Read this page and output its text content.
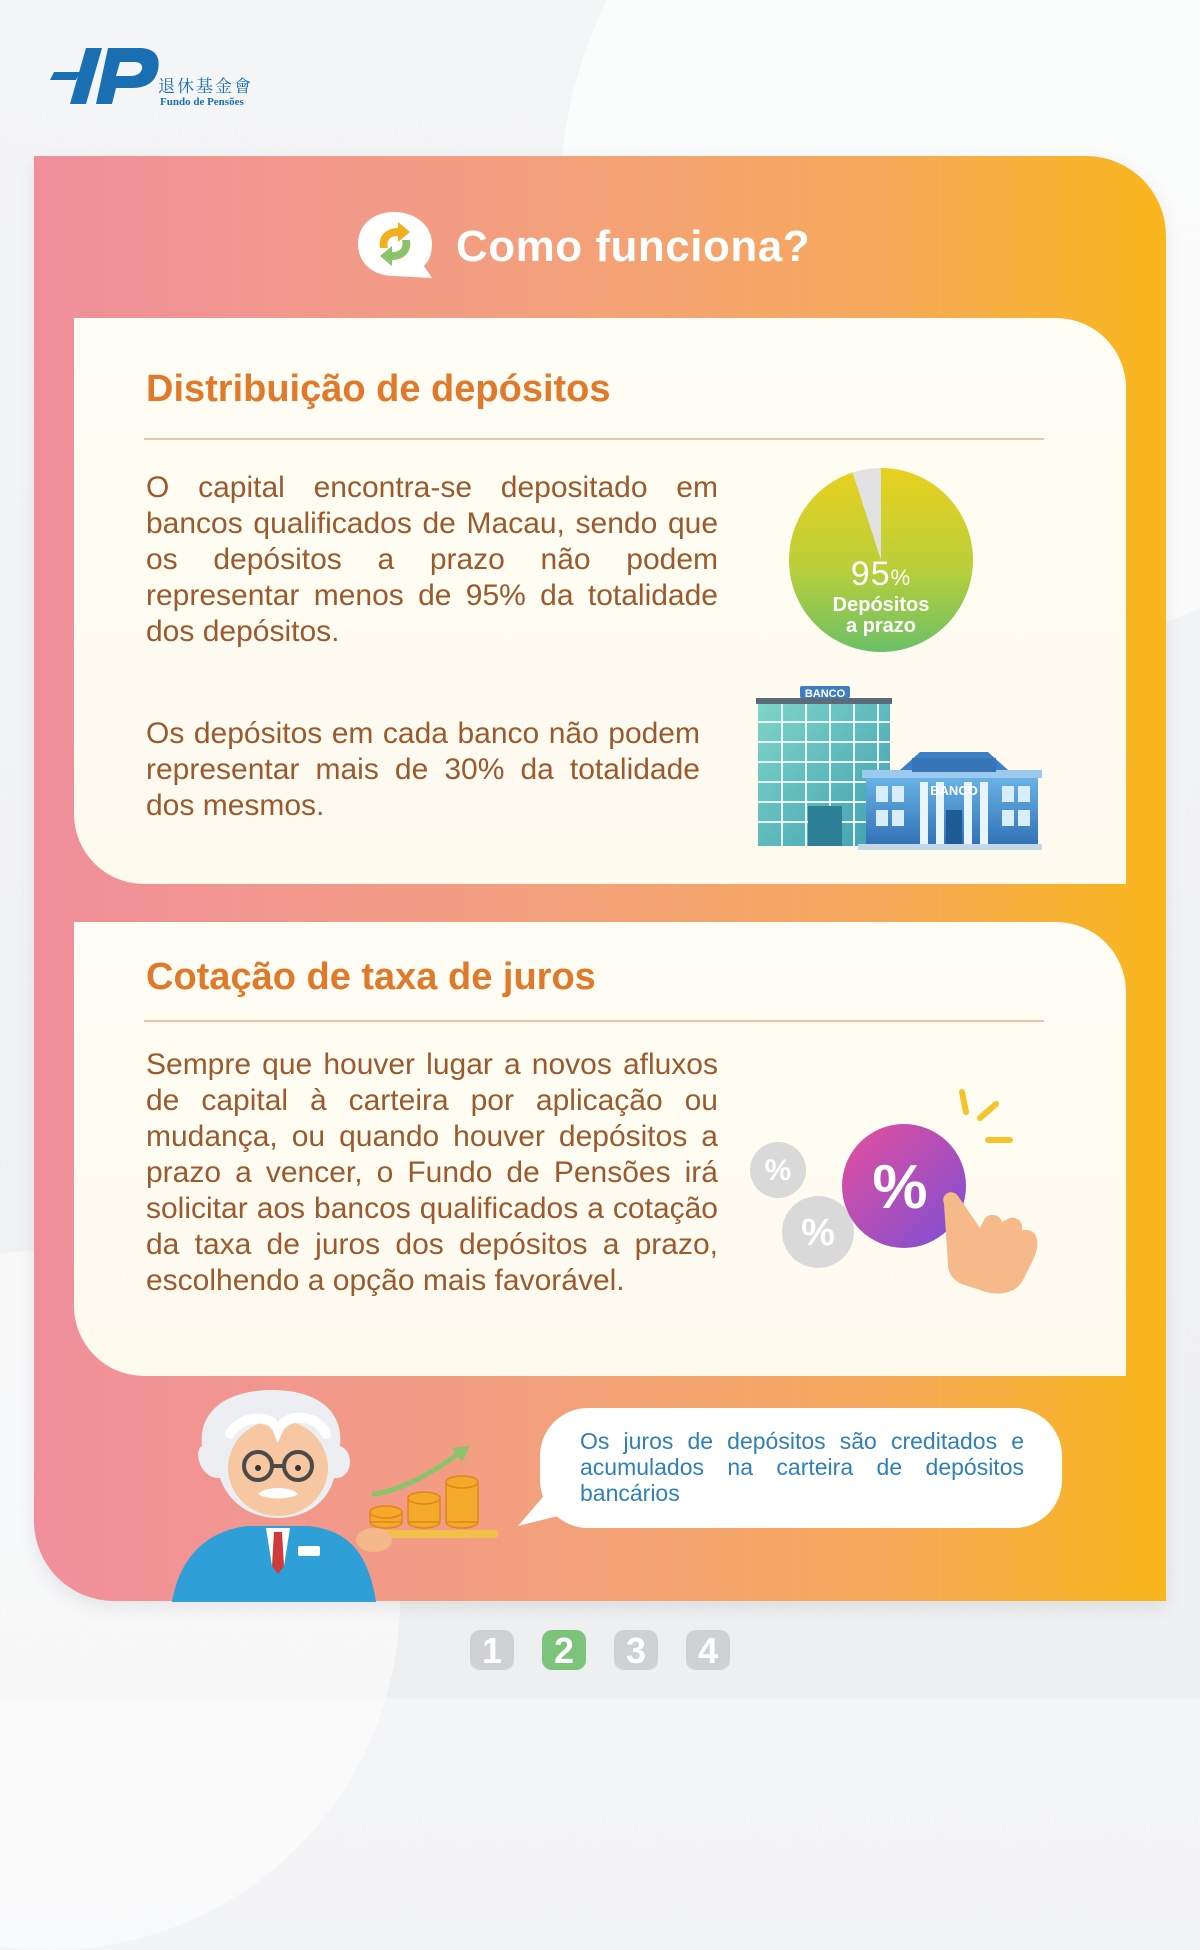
退休基金會
Fundo de Pensões
Como funciona?
Distribuição de depósitos

O capital encontra-se depositado em bancos qualificados de Macau, sendo que os depósitos a prazo não podem representar menos de 95% da totalidade dos depósitos.

Os depósitos em cada banco não podem representar mais de 30% da totalidade dos mesmos.

95%
Depósitos
a prazo
BANCO
BANCO
Cotação de taxa de juros

Sempre que houver lugar a novos afluxos de capital à carteira por aplicação ou mudança, ou quando houver depósitos a prazo a vencer, o Fundo de Pensões irá solicitar aos bancos qualificados a cotação da taxa de juros dos depósitos a prazo, escolhendo a opção mais favorável.

%
%
%

Os juros de depósitos são creditados e acumulados na carteira de depósitos bancários

1	2	3	4
